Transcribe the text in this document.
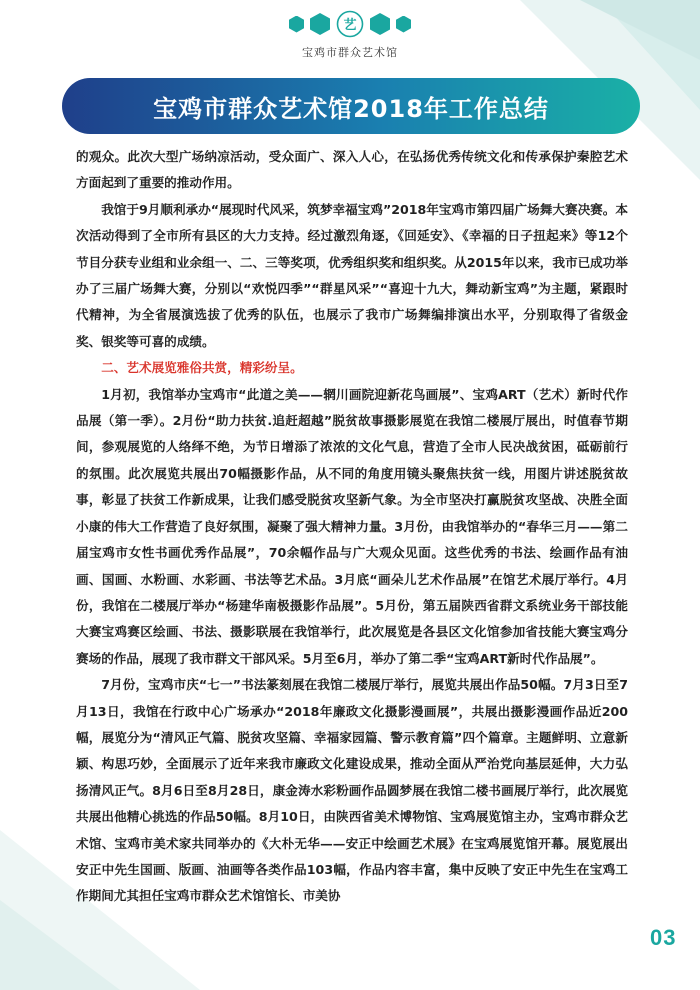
艺
宝鸡市群众艺术馆
宝鸡市群众艺术馆2018年工作总结

的观众。此次大型广场纳凉活动，受众面广、深入人心，在弘扬优秀传统文化和传承保护秦腔艺术方面起到了重要的推动作用。

我馆于9月顺利承办“展现时代风采，筑梦幸福宝鸡”2018年宝鸡市第四届广场舞大赛决赛。本次活动得到了全市所有县区的大力支持。经过激烈角逐，《回延安》、《幸福的日子扭起来》等12个节目分获专业组和业余组一、二、三等奖项，优秀组织奖和组织奖。从2015年以来，我市已成功举办了三届广场舞大赛，分别以“欢悦四季”“群星风采”“喜迎十九大，舞动新宝鸡”为主题，紧跟时代精神，为全省展演选拔了优秀的队伍，也展示了我市广场舞编排演出水平，分别取得了省级金奖、银奖等可喜的成绩。

二、艺术展览雅俗共赏，精彩纷呈。

1月初，我馆举办宝鸡市“此道之美——辋川画院迎新花鸟画展”、宝鸡ART（艺术）新时代作品展（第一季）。2月份“助力扶贫.追赶超越”脱贫故事摄影展览在我馆二楼展厅展出，时值春节期间，参观展览的人络绎不绝，为节日增添了浓浓的文化气息，营造了全市人民决战贫困，砥砺前行的氛围。此次展览共展出70幅摄影作品，从不同的角度用镜头聚焦扶贫一线，用图片讲述脱贫故事，彰显了扶贫工作新成果，让我们感受脱贫攻坚新气象。为全市坚决打赢脱贫攻坚战、决胜全面小康的伟大工作营造了良好氛围，凝聚了强大精神力量。3月份，由我馆举办的“春华三月——第二届宝鸡市女性书画优秀作品展”，70余幅作品与广大观众见面。这些优秀的书法、绘画作品有油画、国画、水粉画、水彩画、书法等艺术品。3月底“画朵儿艺术作品展”在馆艺术展厅举行。4月份，我馆在二楼展厅举办“杨建华南极摄影作品展”。5月份，第五届陕西省群文系统业务干部技能大赛宝鸡赛区绘画、书法、摄影联展在我馆举行，此次展览是各县区文化馆参加省技能大赛宝鸡分赛场的作品，展现了我市群文干部风采。5月至6月，举办了第二季“宝鸡ART新时代作品展”。

7月份，宝鸡市庆“七一”书法篆刻展在我馆二楼展厅举行，展览共展出作品50幅。7月3日至7月13日，我馆在行政中心广场承办“2018年廉政文化摄影漫画展”，共展出摄影漫画作品近200幅，展览分为“清风正气篇、脱贫攻坚篇、幸福家园篇、警示教育篇”四个篇章。主题鲜明、立意新颖、构思巧妙，全面展示了近年来我市廉政文化建设成果，推动全面从严治党向基层延伸，大力弘扬清风正气。8月6日至8月28日，康金涛水彩粉画作品圆梦展在我馆二楼书画展厅举行，此次展览共展出他精心挑选的作品50幅。8月10日，由陕西省美术博物馆、宝鸡展览馆主办，宝鸡市群众艺术馆、宝鸡市美术家共同举办的《大朴无华——安正中绘画艺术展》在宝鸡展览馆开幕。展览展出安正中先生国画、版画、油画等各类作品103幅，作品内容丰富，集中反映了安正中先生在宝鸡工作期间尤其担任宝鸡市群众艺术馆馆长、市美协

03
